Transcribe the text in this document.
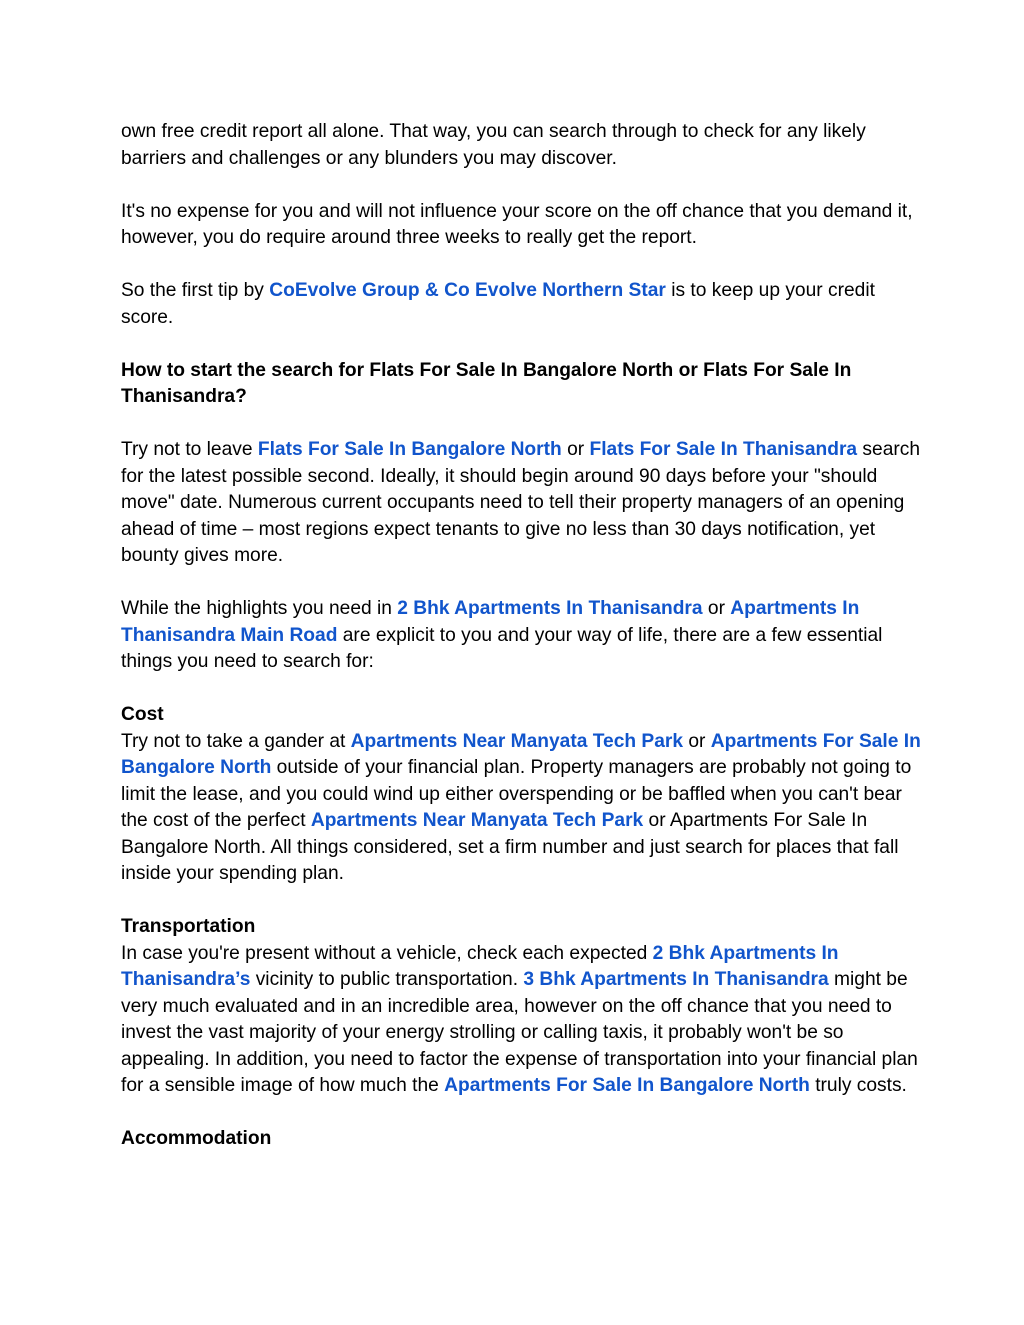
own free credit report all alone. That way, you can search through to check for any likely barriers and challenges or any blunders you may discover.

It's no expense for you and will not influence your score on the off chance that you demand it, however, you do require around three weeks to really get the report.

So the first tip by CoEvolve Group & Co Evolve Northern Star is to keep up your credit score.

How to start the search for Flats For Sale In Bangalore North or Flats For Sale In Thanisandra?

Try not to leave Flats For Sale In Bangalore North or Flats For Sale In Thanisandra search for the latest possible second. Ideally, it should begin around 90 days before your "should move" date. Numerous current occupants need to tell their property managers of an opening ahead of time – most regions expect tenants to give no less than 30 days notification, yet bounty gives more.

While the highlights you need in 2 Bhk Apartments In Thanisandra or Apartments In Thanisandra Main Road are explicit to you and your way of life, there are a few essential things you need to search for:

Cost

Try not to take a gander at Apartments Near Manyata Tech Park or Apartments For Sale In Bangalore North outside of your financial plan. Property managers are probably not going to limit the lease, and you could wind up either overspending or be baffled when you can't bear the cost of the perfect Apartments Near Manyata Tech Park or Apartments For Sale In Bangalore North. All things considered, set a firm number and just search for places that fall inside your spending plan.

Transportation

In case you're present without a vehicle, check each expected 2 Bhk Apartments In Thanisandra’s vicinity to public transportation. 3 Bhk Apartments In Thanisandra might be very much evaluated and in an incredible area, however on the off chance that you need to invest the vast majority of your energy strolling or calling taxis, it probably won't be so appealing. In addition, you need to factor the expense of transportation into your financial plan for a sensible image of how much the Apartments For Sale In Bangalore North truly costs.

Accommodation
